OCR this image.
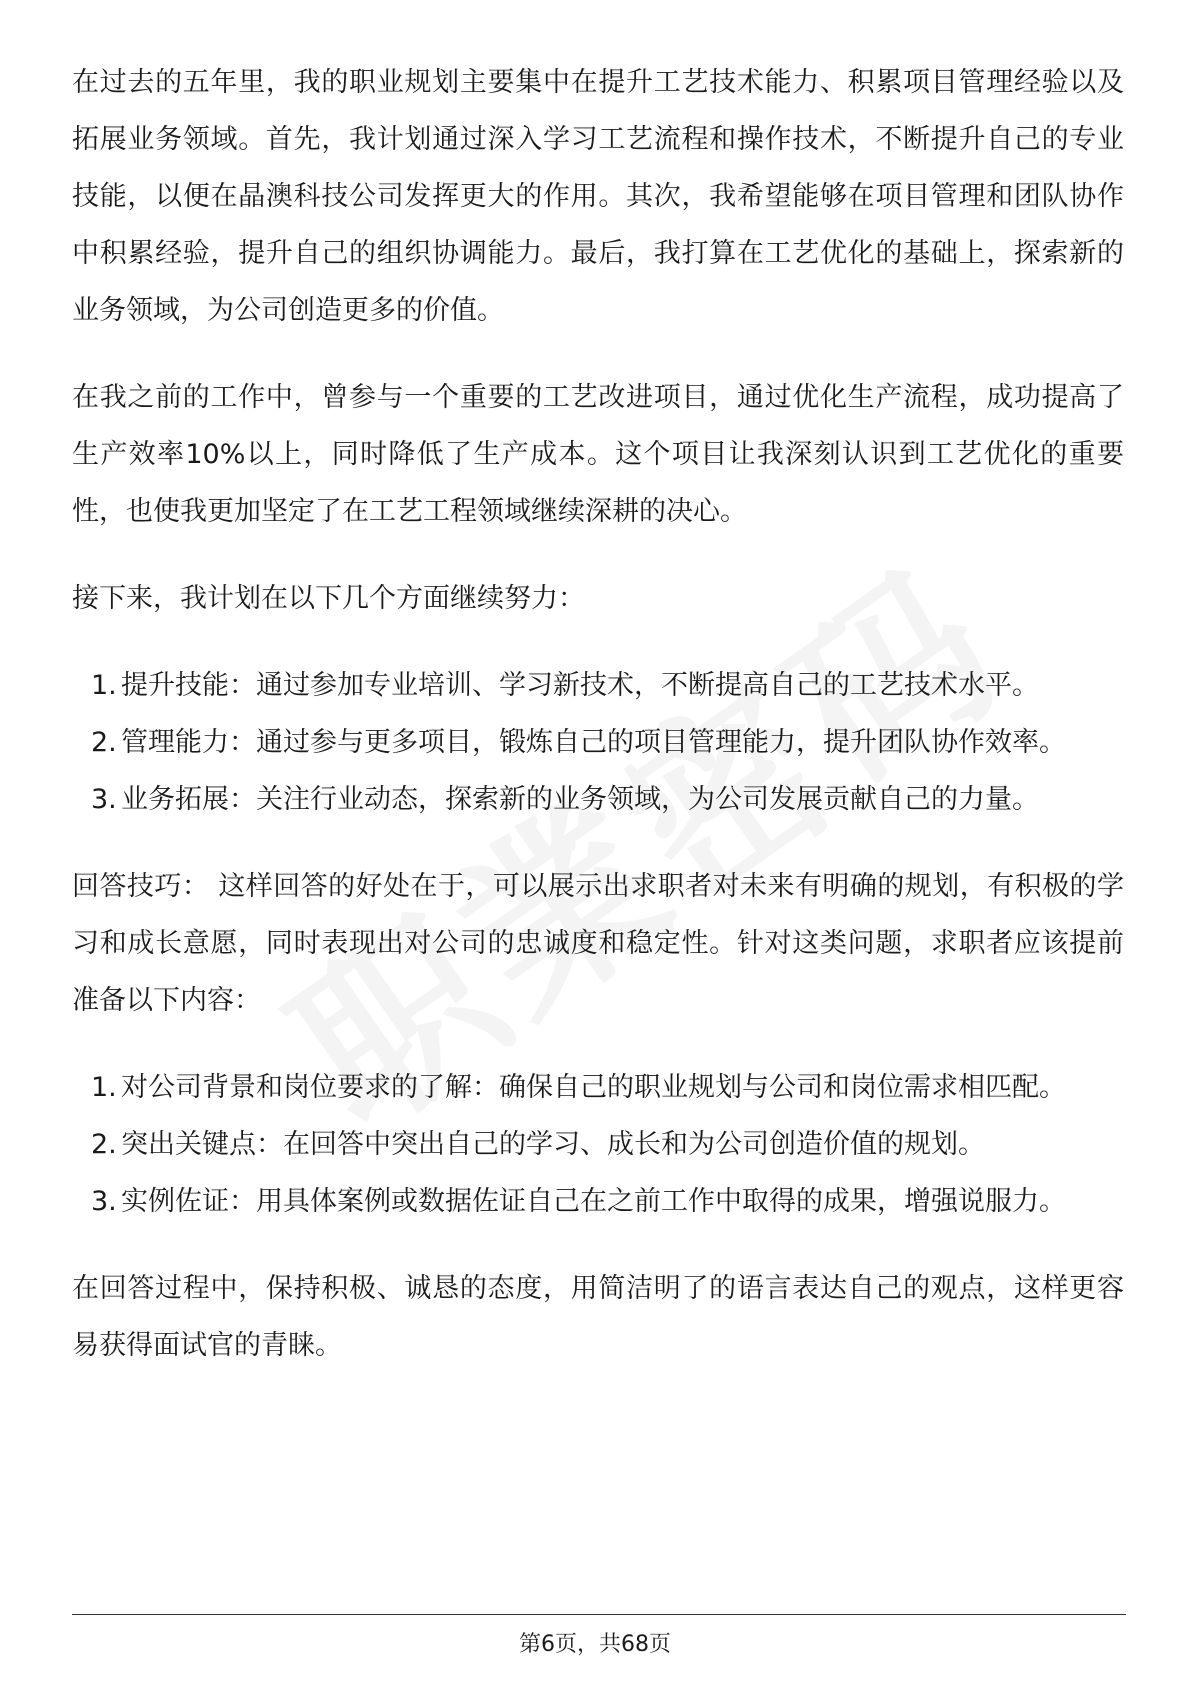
在过去的五年里，我的职业规划主要集中在提升工艺技术能力、积累项目管理经验以及拓展业务领域。首先，我计划通过深入学习工艺流程和操作技术，不断提升自己的专业技能，以便在晶澳科技公司发挥更大的作用。其次，我希望能够在项目管理和团队协作中积累经验，提升自己的组织协调能力。最后，我打算在工艺优化的基础上，探索新的业务领域，为公司创造更多的价值。

在我之前的工作中，曾参与一个重要的工艺改进项目，通过优化生产流程，成功提高了生产效率10%以上，同时降低了生产成本。这个项目让我深刻认识到工艺优化的重要性，也使我更加坚定了在工艺工程领域继续深耕的决心。

接下来，我计划在以下几个方面继续努力：

1. 提升技能：通过参加专业培训、学习新技术，不断提高自己的工艺技术水平。
2. 管理能力：通过参与更多项目，锻炼自己的项目管理能力，提升团队协作效率。
3. 业务拓展：关注行业动态，探索新的业务领域，为公司发展贡献自己的力量。

回答技巧： 这样回答的好处在于，可以展示出求职者对未来有明确的规划，有积极的学习和成长意愿，同时表现出对公司的忠诚度和稳定性。针对这类问题，求职者应该提前准备以下内容：

1. 对公司背景和岗位要求的了解：确保自己的职业规划与公司和岗位需求相匹配。
2. 突出关键点：在回答中突出自己的学习、成长和为公司创造价值的规划。
3. 实例佐证：用具体案例或数据佐证自己在之前工作中取得的成果，增强说服力。

在回答过程中，保持积极、诚恳的态度，用简洁明了的语言表达自己的观点，这样更容易获得面试官的青睐。

第6页，共68页
